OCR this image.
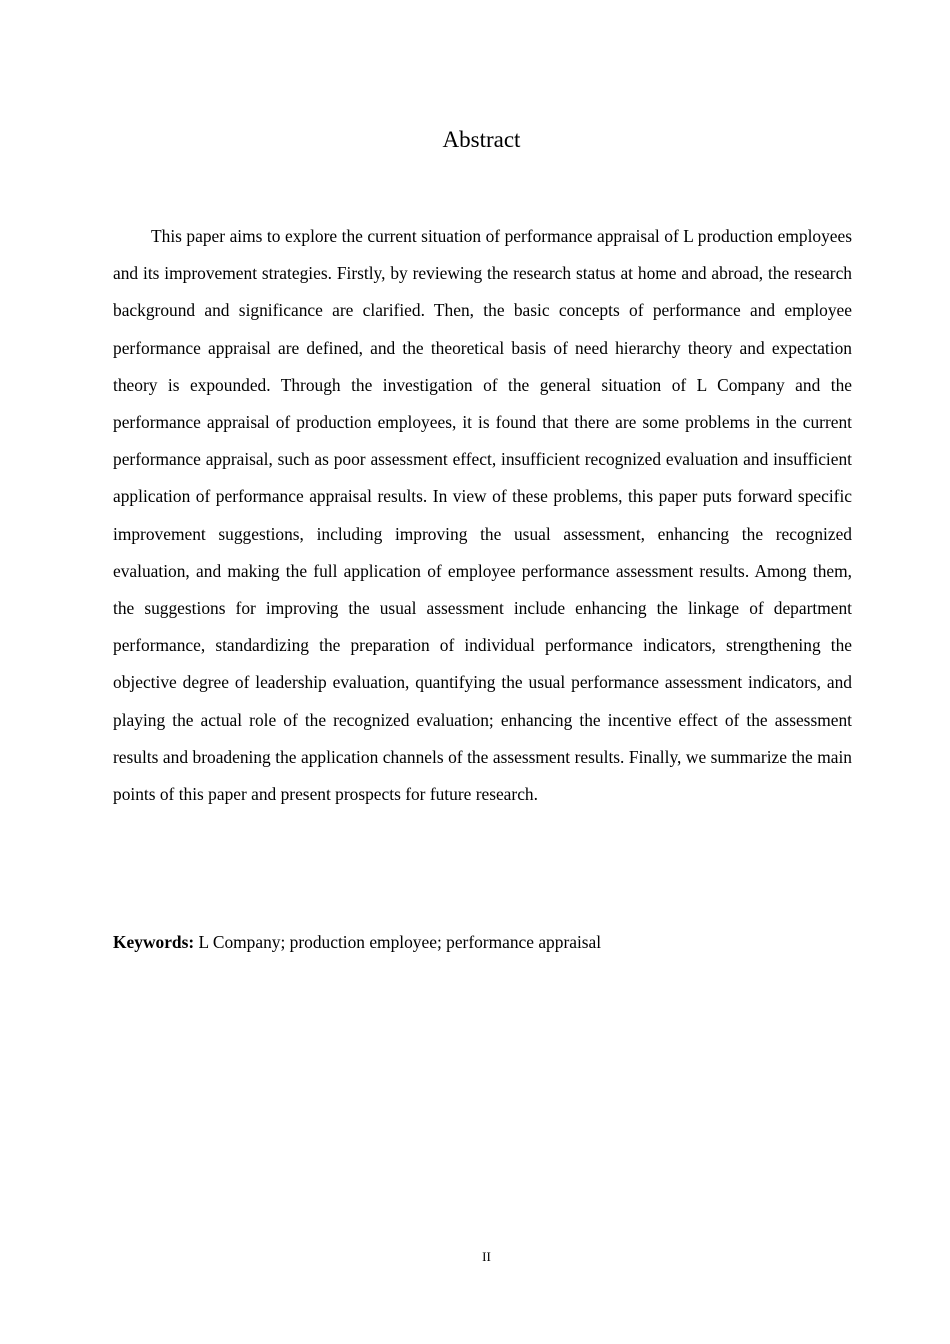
Abstract

This paper aims to explore the current situation of performance appraisal of L production employees and its improvement strategies. Firstly, by reviewing the research status at home and abroad, the research background and significance are clarified. Then, the basic concepts of performance and employee performance appraisal are defined, and the theoretical basis of need hierarchy theory and expectation theory is expounded. Through the investigation of the general situation of L Company and the performance appraisal of production employees, it is found that there are some problems in the current performance appraisal, such as poor assessment effect, insufficient recognized evaluation and insufficient application of performance appraisal results. In view of these problems, this paper puts forward specific improvement suggestions, including improving the usual assessment, enhancing the recognized evaluation, and making the full application of employee performance assessment results. Among them, the suggestions for improving the usual assessment include enhancing the linkage of department performance, standardizing the preparation of individual performance indicators, strengthening the objective degree of leadership evaluation, quantifying the usual performance assessment indicators, and playing the actual role of the recognized evaluation; enhancing the incentive effect of the assessment results and broadening the application channels of the assessment results. Finally, we summarize the main points of this paper and present prospects for future research.

Keywords: L Company; production employee; performance appraisal

II
